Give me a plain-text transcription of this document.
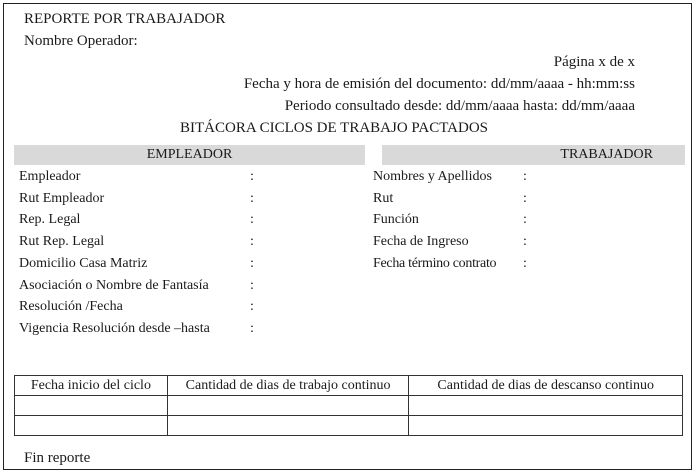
REPORTE POR TRABAJADOR
Nombre Operador:
Página x de x
Fecha y hora de emisión del documento: dd/mm/aaaa - hh:mm:ss
Periodo consultado desde: dd/mm/aaaa hasta: dd/mm/aaaa
BITÁCORA CICLOS DE TRABAJO PACTADOS
EMPLEADOR	TRABAJADOR
Empleador	:
Rut Empleador	:
Rep. Legal	:
Rut Rep. Legal	:
Domicilio Casa Matriz	:
Asociación o Nombre de Fantasía	:
Resolución /Fecha	:
Vigencia Resolución desde –hasta	:
Nombres y Apellidos :
Rut	:
Función	:
Fecha de Ingreso	:
Fecha término contrato :
Fecha inicio del ciclo	Cantidad de dias de trabajo continuo	Cantidad de dias de descanso continuo

Fin reporte
